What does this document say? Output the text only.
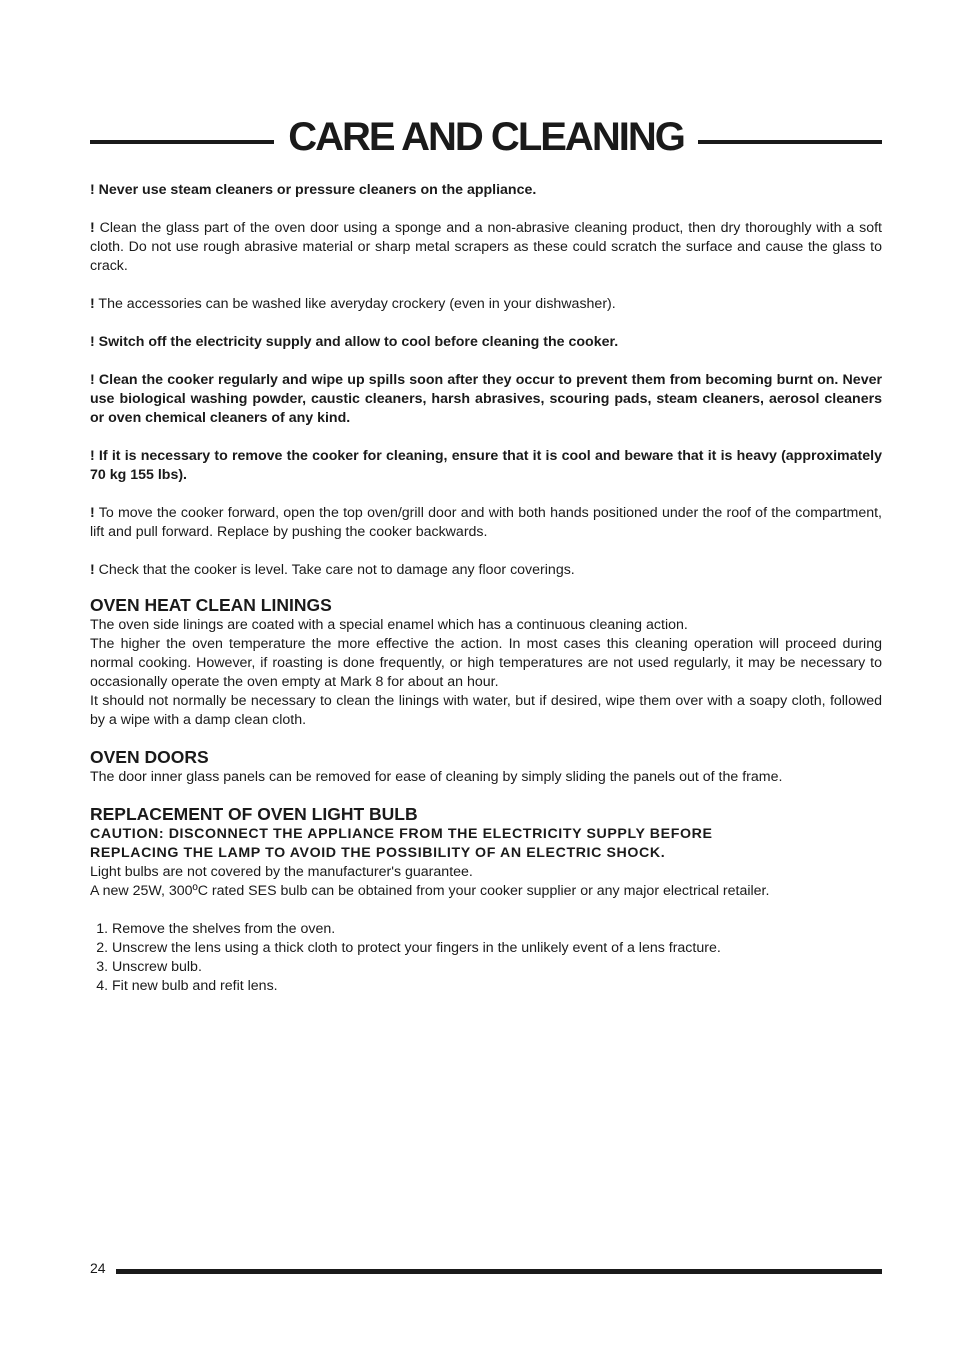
CARE AND CLEANING

! Never use steam cleaners or pressure cleaners on the appliance.

! Clean the glass part of the oven door using a sponge and a non-abrasive cleaning product, then dry thoroughly with a soft cloth. Do not use rough abrasive material or sharp metal scrapers as these could scratch the surface and cause the glass to crack.

! The accessories can be washed like averyday crockery (even in your dishwasher).

! Switch off the electricity supply and allow to cool before cleaning the cooker.

! Clean the cooker regularly and wipe up spills soon after they occur to prevent them from becoming burnt on. Never use biological washing powder, caustic cleaners, harsh abrasives, scouring pads, steam cleaners, aerosol cleaners or oven chemical cleaners of any kind.

! If it is necessary to remove the cooker for cleaning, ensure that it is cool and beware that it is heavy (approximately 70 kg 155 lbs).

! To move the cooker forward, open the top oven/grill door and with both hands positioned under the roof of the compartment, lift and pull forward. Replace by pushing the cooker backwards.

! Check that the cooker is level. Take care not to damage any floor coverings.

OVEN HEAT CLEAN LININGS

The oven side linings are coated with a special enamel which has a continuous cleaning action.

The higher the oven temperature the more effective the action. In most cases this cleaning operation will proceed during normal cooking. However, if roasting is done frequently, or high temperatures are not used regularly, it may be necessary to occasionally operate the oven empty at Mark 8 for about an hour.

It should not normally be necessary to clean the linings with water, but if desired, wipe them over with a soapy cloth, followed by a wipe with a damp clean cloth.

OVEN DOORS

The door inner glass panels can be removed for ease of cleaning by simply sliding the panels out of the frame.

REPLACEMENT OF OVEN LIGHT BULB

CAUTION: DISCONNECT THE APPLIANCE FROM THE ELECTRICITY SUPPLY BEFORE REPLACING THE LAMP TO AVOID THE POSSIBILITY OF AN ELECTRIC SHOCK.

Light bulbs are not covered by the manufacturer's guarantee.

A new 25W, 300ºC rated SES bulb can be obtained from your cooker supplier or any major electrical retailer.

1. Remove the shelves from the oven.
2. Unscrew the lens using a thick cloth to protect your fingers in the unlikely event of a lens fracture.
3. Unscrew bulb.
4. Fit new bulb and refit lens.
24
